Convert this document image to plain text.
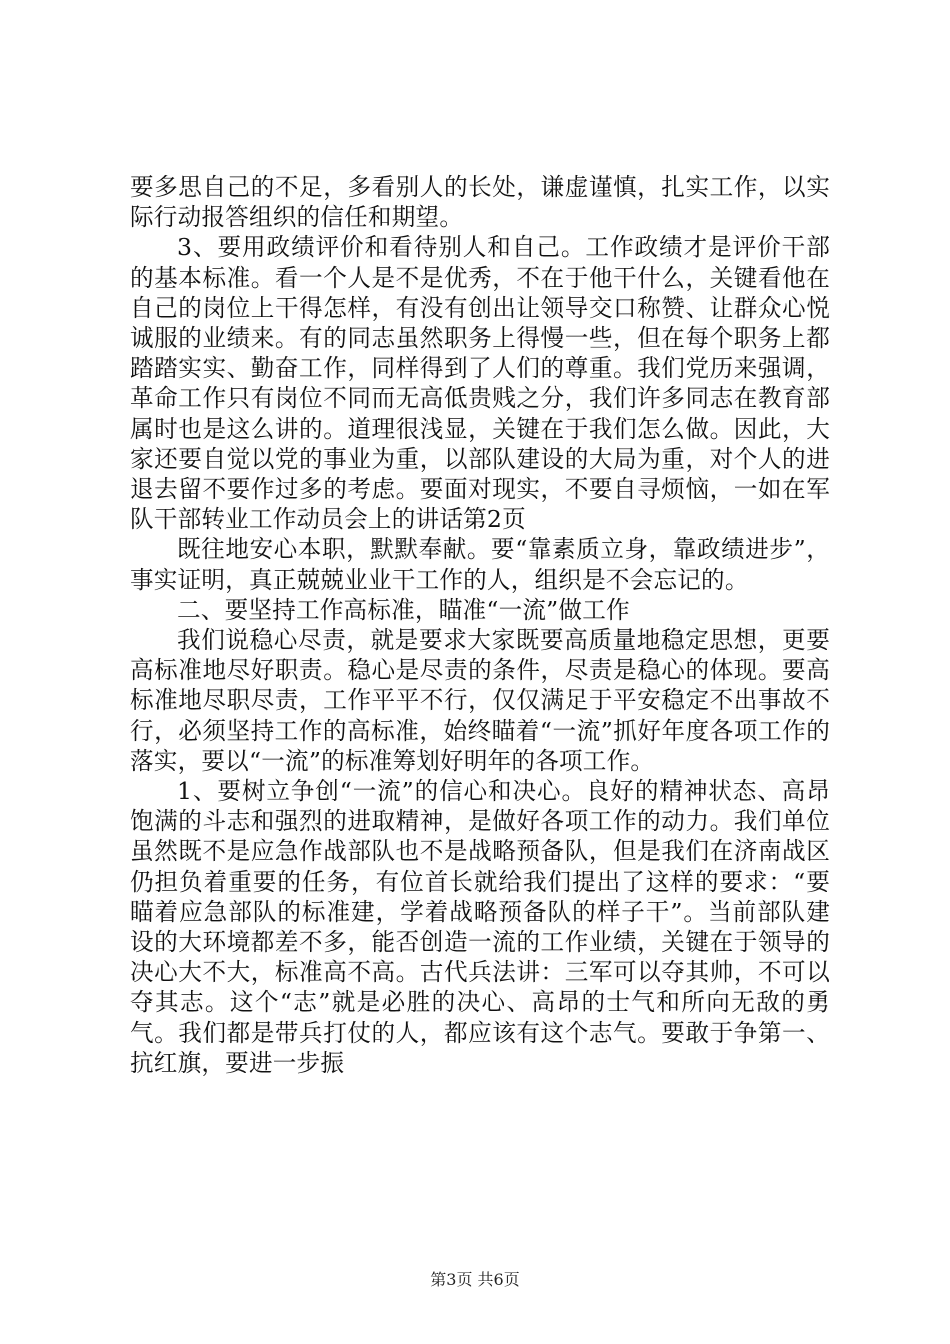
要多思自己的不足，多看别人的长处，谦虚谨慎，扎实工作，以实际行动报答组织的信任和期望。

3、要用政绩评价和看待别人和自己。工作政绩才是评价干部的基本标准。看一个人是不是优秀，不在于他干什么，关键看他在自己的岗位上干得怎样，有没有创出让领导交口称赞、让群众心悦诚服的业绩来。有的同志虽然职务上得慢一些，但在每个职务上都踏踏实实、勤奋工作，同样得到了人们的尊重。我们党历来强调，革命工作只有岗位不同而无高低贵贱之分，我们许多同志在教育部属时也是这么讲的。道理很浅显，关键在于我们怎么做。因此，大家还要自觉以党的事业为重，以部队建设的大局为重，对个人的进退去留不要作过多的考虑。要面对现实，不要自寻烦恼，一如在军队干部转业工作动员会上的讲话第2页

既往地安心本职，默默奉献。要“靠素质立身，靠政绩进步”，事实证明，真正兢兢业业干工作的人，组织是不会忘记的。

二、要坚持工作高标准，瞄准“一流”做工作

我们说稳心尽责，就是要求大家既要高质量地稳定思想，更要高标准地尽好职责。稳心是尽责的条件，尽责是稳心的体现。要高标准地尽职尽责，工作平平不行，仅仅满足于平安稳定不出事故不行，必须坚持工作的高标准，始终瞄着“一流”抓好年度各项工作的落实，要以“一流”的标准筹划好明年的各项工作。

1、要树立争创“一流”的信心和决心。良好的精神状态、高昂饱满的斗志和强烈的进取精神，是做好各项工作的动力。我们单位虽然既不是应急作战部队也不是战略预备队，但是我们在济南战区仍担负着重要的任务，有位首长就给我们提出了这样的要求：“要瞄着应急部队的标准建，学着战略预备队的样子干”。当前部队建设的大环境都差不多，能否创造一流的工作业绩，关键在于领导的决心大不大，标准高不高。古代兵法讲：三军可以夺其帅，不可以夺其志。这个“志”就是必胜的决心、高昂的士气和所向无敌的勇气。我们都是带兵打仗的人，都应该有这个志气。要敢于争第一、抗红旗，要进一步振

第3页 共6页
